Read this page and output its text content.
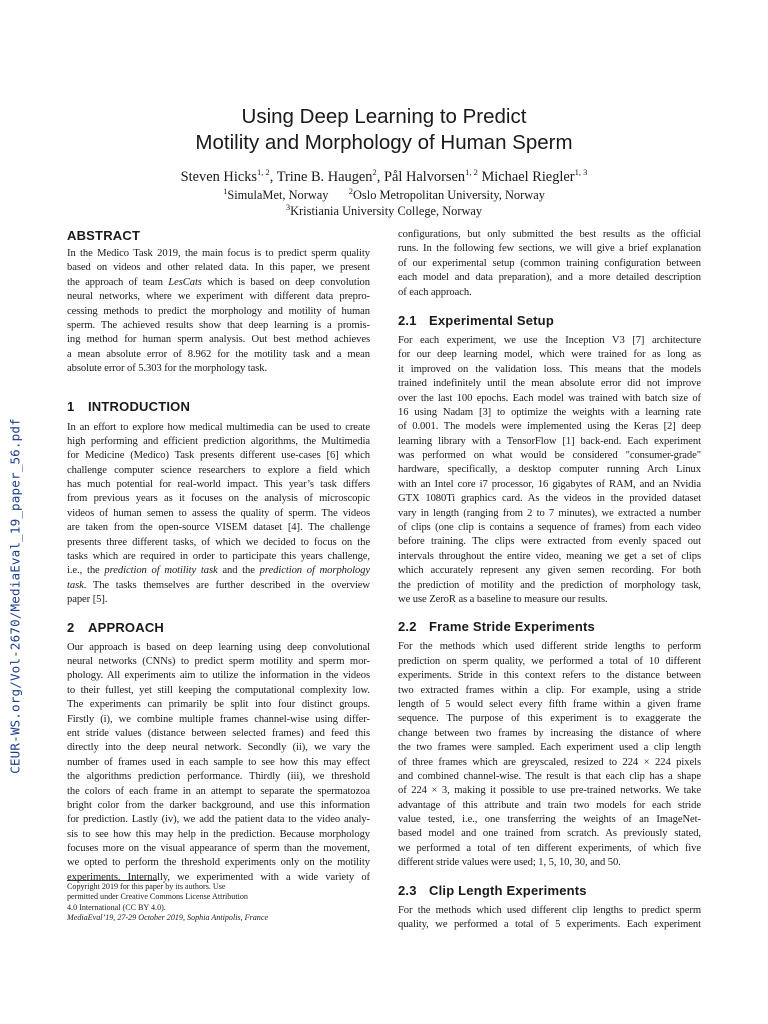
CEUR-WS.org/Vol-2670/MediaEval_19_paper_56.pdf
Using Deep Learning to Predict
Motility and Morphology of Human Sperm
Steven Hicks$^{1, 2}$, Trine B. Haugen$^2$, Pål Halvorsen$^{1, 2}$ Michael Riegler$^{1, 3}$
$^1$SimulaMet, Norway $^2$Oslo Metropolitan University, Norway
$^3$Kristiania University College, Norway
ABSTRACT
In the Medico Task 2019, the main focus is to predict sperm quality
based on videos and other related data. In this paper, we present
the approach of team LesCats which is based on deep convolution
neural networks, where we experiment with different data prepro-
cessing methods to predict the morphology and motility of human
sperm. The achieved results show that deep learning is a promis-
ing method for human sperm analysis. Out best method achieves
a mean absolute error of 8.962 for the motility task and a mean
absolute error of 5.303 for the morphology task.
1 INTRODUCTION
In an effort to explore how medical multimedia can be used to create
high performing and efficient prediction algorithms, the Multimedia
for Medicine (Medico) Task presents different use-cases [6] which
challenge computer science researchers to explore a field which
has much potential for real-world impact. This year’s task differs
from previous years as it focuses on the analysis of microscopic
videos of human semen to assess the quality of sperm. The videos
are taken from the open-source VISEM dataset [4]. The challenge
presents three different tasks, of which we decided to focus on the
tasks which are required in order to participate this years challenge,
i.e., the prediction of motility task and the prediction of morphology
task. The tasks themselves are further described in the overview
paper [5].
2 APPROACH
Our approach is based on deep learning using deep convolutional
neural networks (CNNs) to predict sperm motility and sperm mor-
phology. All experiments aim to utilize the information in the videos
to their fullest, yet still keeping the computational complexity low.
The experiments can primarily be split into four distinct groups.
Firstly (i), we combine multiple frames channel-wise using differ-
ent stride values (distance between selected frames) and feed this
directly into the deep neural network. Secondly (ii), we vary the
number of frames used in each sample to see how this may effect
the algorithms prediction performance. Thirdly (iii), we threshold
the colors of each frame in an attempt to separate the spermatozoa
bright color from the darker background, and use this information
for prediction. Lastly (iv), we add the patient data to the video analy-
sis to see how this may help in the prediction. Because morphology
focuses more on the visual appearance of sperm than the movement,
we opted to perform the threshold experiments only on the motility
experiments. Internally, we experimented with a wide variety of
configurations, but only submitted the best results as the official
runs. In the following few sections, we will give a brief explanation
of our experimental setup (common training configuration between
each model and data preparation), and a more detailed description
of each approach.
2.1 Experimental Setup
For each experiment, we use the Inception V3 [7] architecture
for our deep learning model, which were trained for as long as
it improved on the validation loss. This means that the models
trained indefinitely until the mean absolute error did not improve
over the last 100 epochs. Each model was trained with batch size of
16 using Nadam [3] to optimize the weights with a learning rate
of 0.001. The models were implemented using the Keras [2] deep
learning library with a TensorFlow [1] back-end. Each experiment
was performed on what would be considered "consumer-grade"
hardware, specifically, a desktop computer running Arch Linux
with an Intel core i7 processor, 16 gigabytes of RAM, and an Nvidia
GTX 1080Ti graphics card. As the videos in the provided dataset
vary in length (ranging from 2 to 7 minutes), we extracted a number
of clips (one clip is contains a sequence of frames) from each video
before training. The clips were extracted from evenly spaced out
intervals throughout the entire video, meaning we get a set of clips
which accurately represent any given semen recording. For both
the prediction of motility and the prediction of morphology task,
we use ZeroR as a baseline to measure our results.
2.2 Frame Stride Experiments
For the methods which used different stride lengths to perform
prediction on sperm quality, we performed a total of 10 different
experiments. Stride in this context refers to the distance between
two extracted frames within a clip. For example, using a stride
length of 5 would select every fifth frame within a given frame
sequence. The purpose of this experiment is to exaggerate the
change between two frames by increasing the distance of where
the two frames were sampled. Each experiment used a clip length
of three frames which are greyscaled, resized to 224 × 224 pixels
and combined channel-wise. The result is that each clip has a shape
of 224 × 3, making it possible to use pre-trained networks. We take
advantage of this attribute and train two models for each stride
value tested, i.e., one transferring the weights of an ImageNet-
based model and one trained from scratch. As previously stated,
we performed a total of ten different experiments, of which five
different stride values were used; 1, 5, 10, 30, and 50.
2.3 Clip Length Experiments
For the methods which used different clip lengths to predict sperm
quality, we performed a total of 5 experiments. Each experiment
Copyright 2019 for this paper by its authors. Use
permitted under Creative Commons License Attribution
4.0 International (CC BY 4.0).
MediaEval’19, 27-29 October 2019, Sophia Antipolis, France
